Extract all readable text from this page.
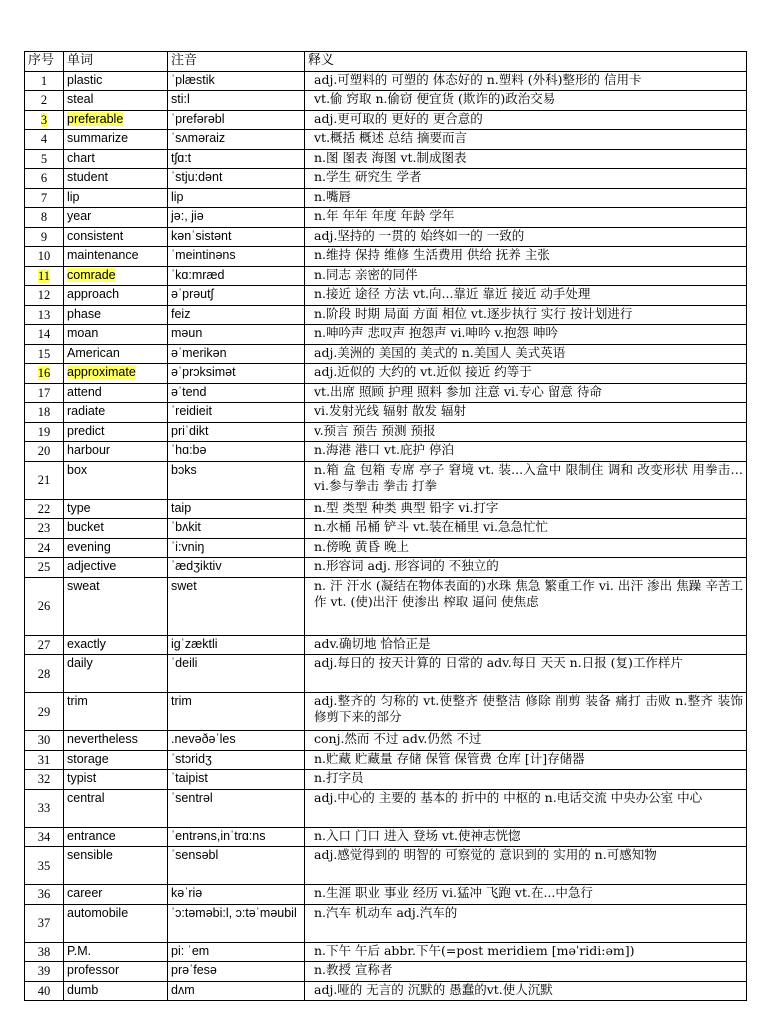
序号	单词	注音	释义
1	plastic	ˈplæstik	adj.可塑料的 可塑的 体态好的 n.塑料 (外科)整形的 信用卡

2	steal	sti:l	vt.偷 窍取 n.偷窃 便宜货 (欺诈的)政治交易

3	preferable	ˈprefərəbl	adj.更可取的 更好的 更合意的

4	summarize	ˈsʌməraiz	vt.概括 概述 总结 摘要而言

5	chart	tʃɑ:t	n.图 图表 海图 vt.制成图表

6	student	ˈstju:dənt	n.学生 研究生 学者

7	lip	lip	n.嘴唇

8	year	jə:, jiə	n.年 年年 年度 年龄 学年

9	consistent	kənˈsistənt	adj.坚持的 一贯的 始终如一的 一致的

10	maintenance	ˈmeintinəns	n.维持 保持 维修 生活费用 供给 抚养 主张

11	comrade	ˈkɑ:mræd	n.同志 亲密的同伴

12	approach	əˈprəutʃ	n.接近 途径 方法 vt.向...靠近 靠近 接近 动手处理

13	phase	feiz	n.阶段 时期 局面 方面 相位 vt.逐步执行 实行 按计划进行

14	moan	məun	n.呻吟声 悲叹声 抱怨声 vi.呻吟 v.抱怨 呻吟

15	American	əˈmerikən	adj.美洲的 美国的 美式的 n.美国人 美式英语

16	approximate	əˈprɔksimət	adj.近似的 大约的 vt.近似 接近 约等于

17	attend	əˈtend	vt.出席 照顾 护理 照料 参加 注意 vi.专心 留意 待命

18	radiate	ˈreidieit	vi.发射光线 辐射 散发 辐射

19	predict	priˈdikt	v.预言 预告 预测 预报

20	harbour	ˈhɑ:bə	n.海港 港口 vt.庇护 停泊

21	box	bɔks	n.箱 盒 包箱 专席 亭子 窘境 vt. 装...入盒中 限制住 调和 改变形状 用拳击… vi.参与拳击 拳击 打拳

22	type	taip	n.型 类型 种类 典型 铅字 vi.打字

23	bucket	ˈbʌkit	n.水桶 吊桶 铲斗 vt.装在桶里 vi.急急忙忙

24	evening	ˈi:vniŋ	n.傍晚 黄昏 晚上

25	adjective	ˈædʒiktiv	n.形容词 adj. 形容词的 不独立的

26	sweat	swet	n. 汗 汗水 (凝结在物体表面的)水珠 焦急 繁重工作 vi. 出汗 渗出 焦躁 辛苦工作 vt. (使)出汗 使渗出 榨取 逼问 使焦虑

27	exactly	igˈzæktli	adv.确切地 恰恰正是

28	daily	ˈdeili	adj.每日的 按天计算的 日常的 adv.每日 天天 n.日报 (复)工作样片

29	trim	trim	adj.整齐的 匀称的 vt.使整齐 使整洁 修除 削剪 装备 痛打 击败 n.整齐 装饰 修剪下来的部分

30	nevertheless	.nevəðəˈles	conj.然而 不过 adv.仍然 不过

31	storage	ˈstɔridʒ	n.贮藏 贮藏量 存储 保管 保管费 仓库 [计]存储器

32	typist	ˈtaipist	n.打字员

33	central	ˈsentrəl	adj.中心的 主要的 基本的 折中的 中枢的 n.电话交流 中央办公室 中心

34	entrance	ˈentrəns,inˈtrɑ:ns	n.入口 门口 进入 登场 vt.使神志恍惚

35	sensible	ˈsensəbl	adj.感觉得到的 明智的 可察觉的 意识到的 实用的 n.可感知物

36	career	kəˈriə	n.生涯 职业 事业 经历 vi.猛冲 飞跑 vt.在...中急行

37	automobile	ˈɔ:təməbi:l, ɔ:təˈməubil	n.汽车 机动车 adj.汽车的

38	P.M.	pi: ˈem	n.下午 午后 abbr.下午(=post meridiem [məˈridi:əm])

39	professor	prəˈfesə	n.教授 宣称者

40	dumb	dʌm	adj.哑的 无言的 沉默的 愚蠢的vt.使人沉默
